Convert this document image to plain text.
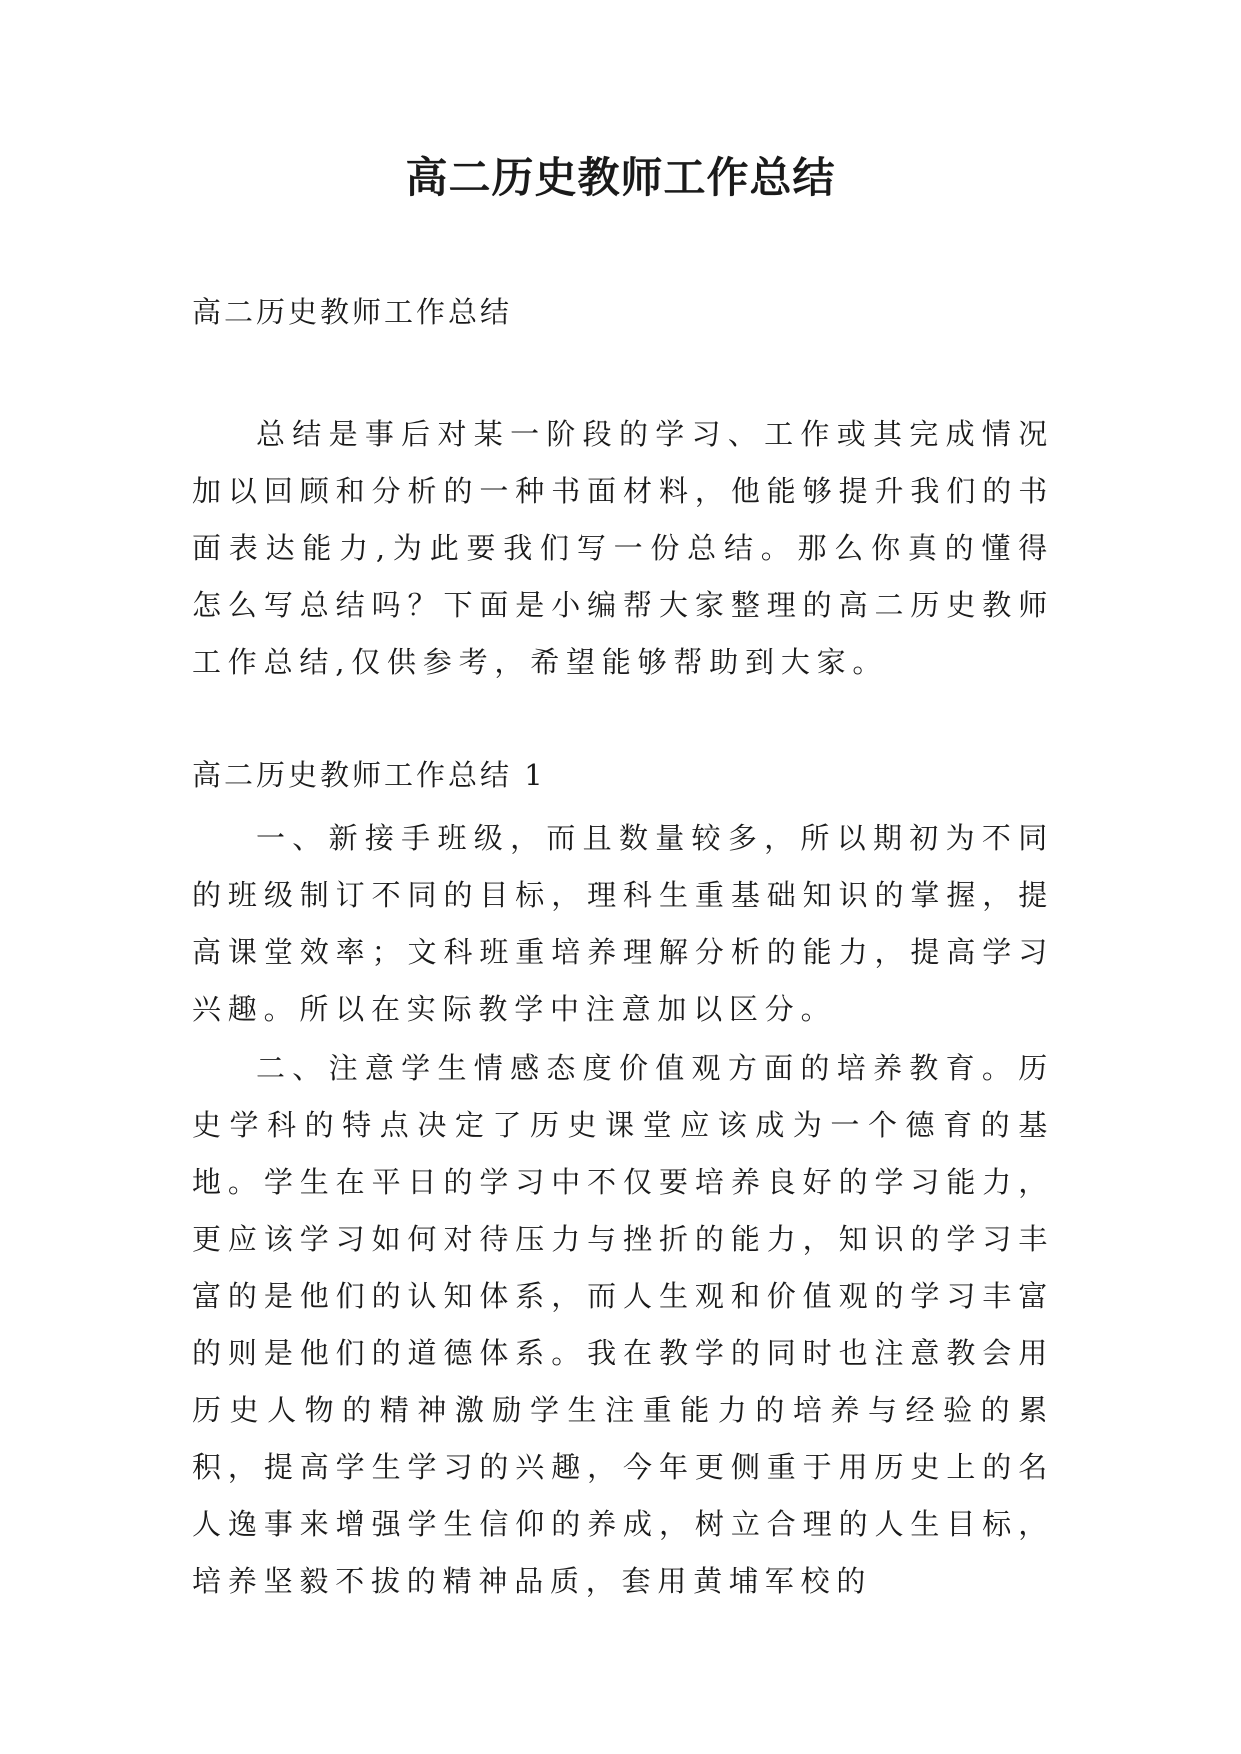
高二历史教师工作总结

高二历史教师工作总结

总结是事后对某一阶段的学习、工作或其完成情况加以回顾和分析的一种书面材料，他能够提升我们的书面表达能力,为此要我们写一份总结。那么你真的懂得怎么写总结吗？下面是小编帮大家整理的高二历史教师工作总结,仅供参考，希望能够帮助到大家。

高二历史教师工作总结 1

一、新接手班级，而且数量较多，所以期初为不同的班级制订不同的目标，理科生重基础知识的掌握，提高课堂效率；文科班重培养理解分析的能力，提高学习兴趣。所以在实际教学中注意加以区分。

二、注意学生情感态度价值观方面的培养教育。历史学科的特点决定了历史课堂应该成为一个德育的基地。学生在平日的学习中不仅要培养良好的学习能力，更应该学习如何对待压力与挫折的能力，知识的学习丰富的是他们的认知体系，而人生观和价值观的学习丰富的则是他们的道德体系。我在教学的同时也注意教会用历史人物的精神激励学生注重能力的培养与经验的累积，提高学生学习的兴趣，今年更侧重于用历史上的名人逸事来增强学生信仰的养成，树立合理的人生目标，培养坚毅不拔的精神品质，套用黄埔军校的
